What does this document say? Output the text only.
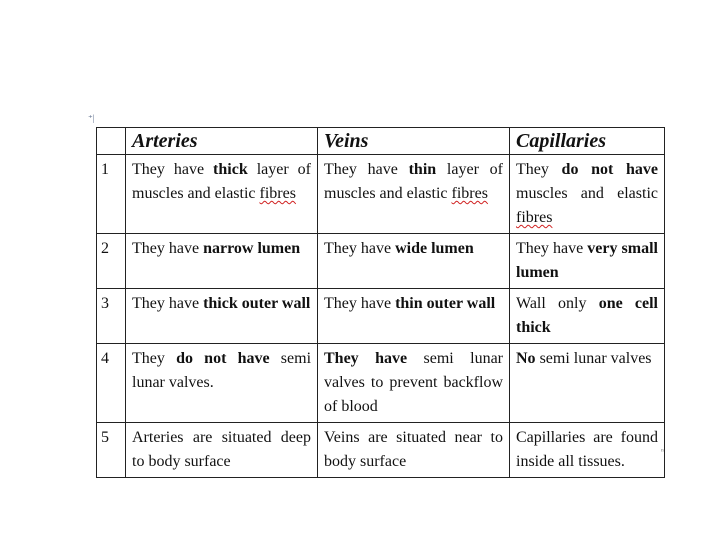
⁺|
	Arteries	Veins	Capillaries
1	They have thick layer of muscles and elastic fibres	They have thin layer of muscles and elastic fibres	They do not have muscles and elastic fibres
2	They have narrow lumen	They have wide lumen	They have very small lumen
3	They have thick outer wall	They have thin outer wall	Wall only one cell thick
4	They do not have semi lunar valves.	They have semi lunar valves to prevent backflow of blood	No semi lunar valves
5	Arteries are situated deep to body surface	Veins are situated near to body surface	Capillaries are found inside all tissues.
ⁿ
